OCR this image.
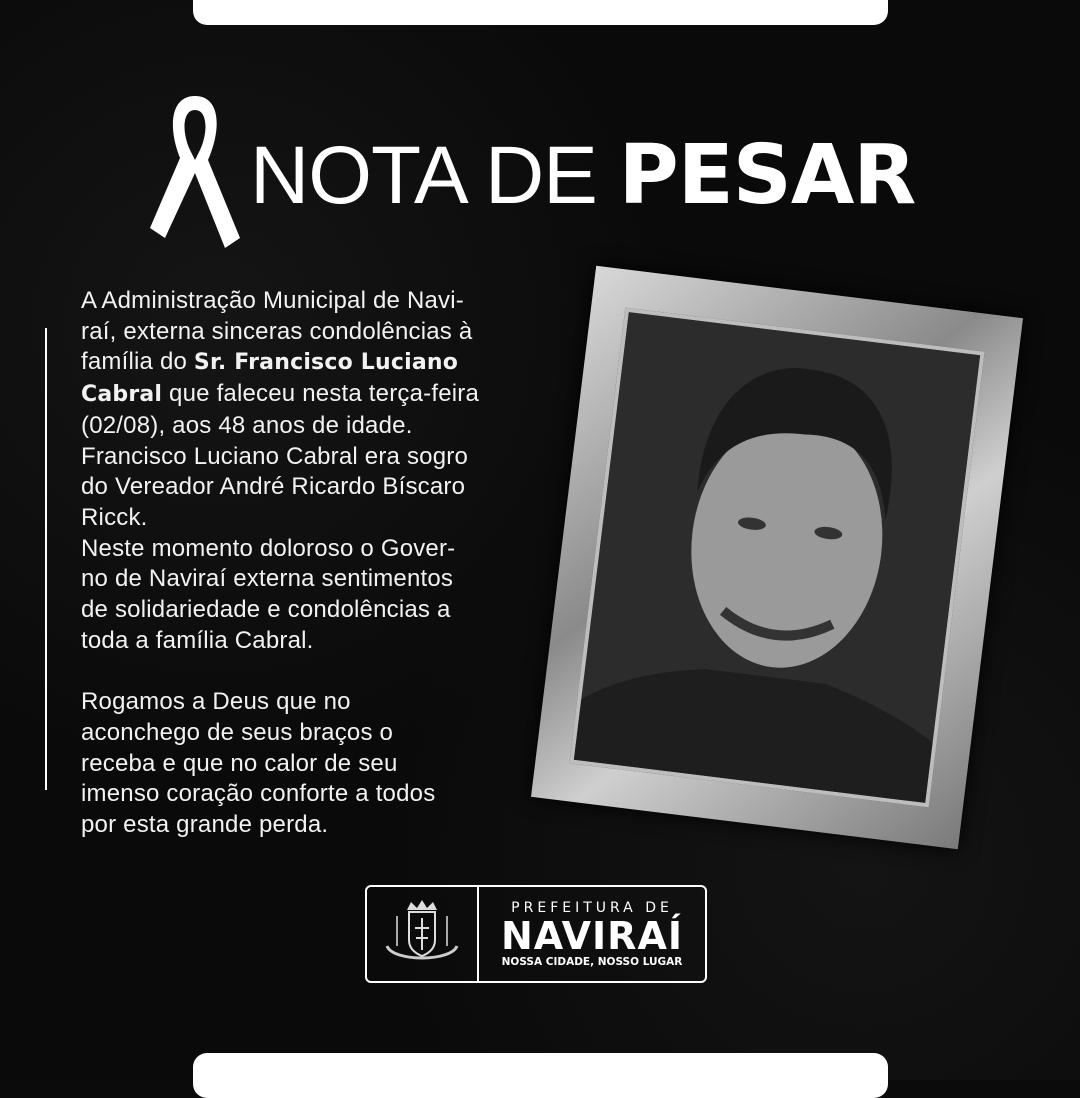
NOTA DE PESAR
A Administração Municipal de Navi-
raí, externa sinceras condolências à
família do Sr. Francisco Luciano
Cabral que faleceu nesta terça-feira
(02/08), aos 48 anos de idade.
Francisco Luciano Cabral era sogro
do Vereador André Ricardo Bíscaro
Ricck.
Neste momento doloroso o Gover-
no de Naviraí externa sentimentos
de solidariedade e condolências a
toda a família Cabral.
Rogamos a Deus que no
aconchego de seus braços o
receba e que no calor de seu
imenso coração conforte a todos
por esta grande perda.
PREFEITURA DE
NAVIRAÍ
NOSSA CIDADE, NOSSO LUGAR
